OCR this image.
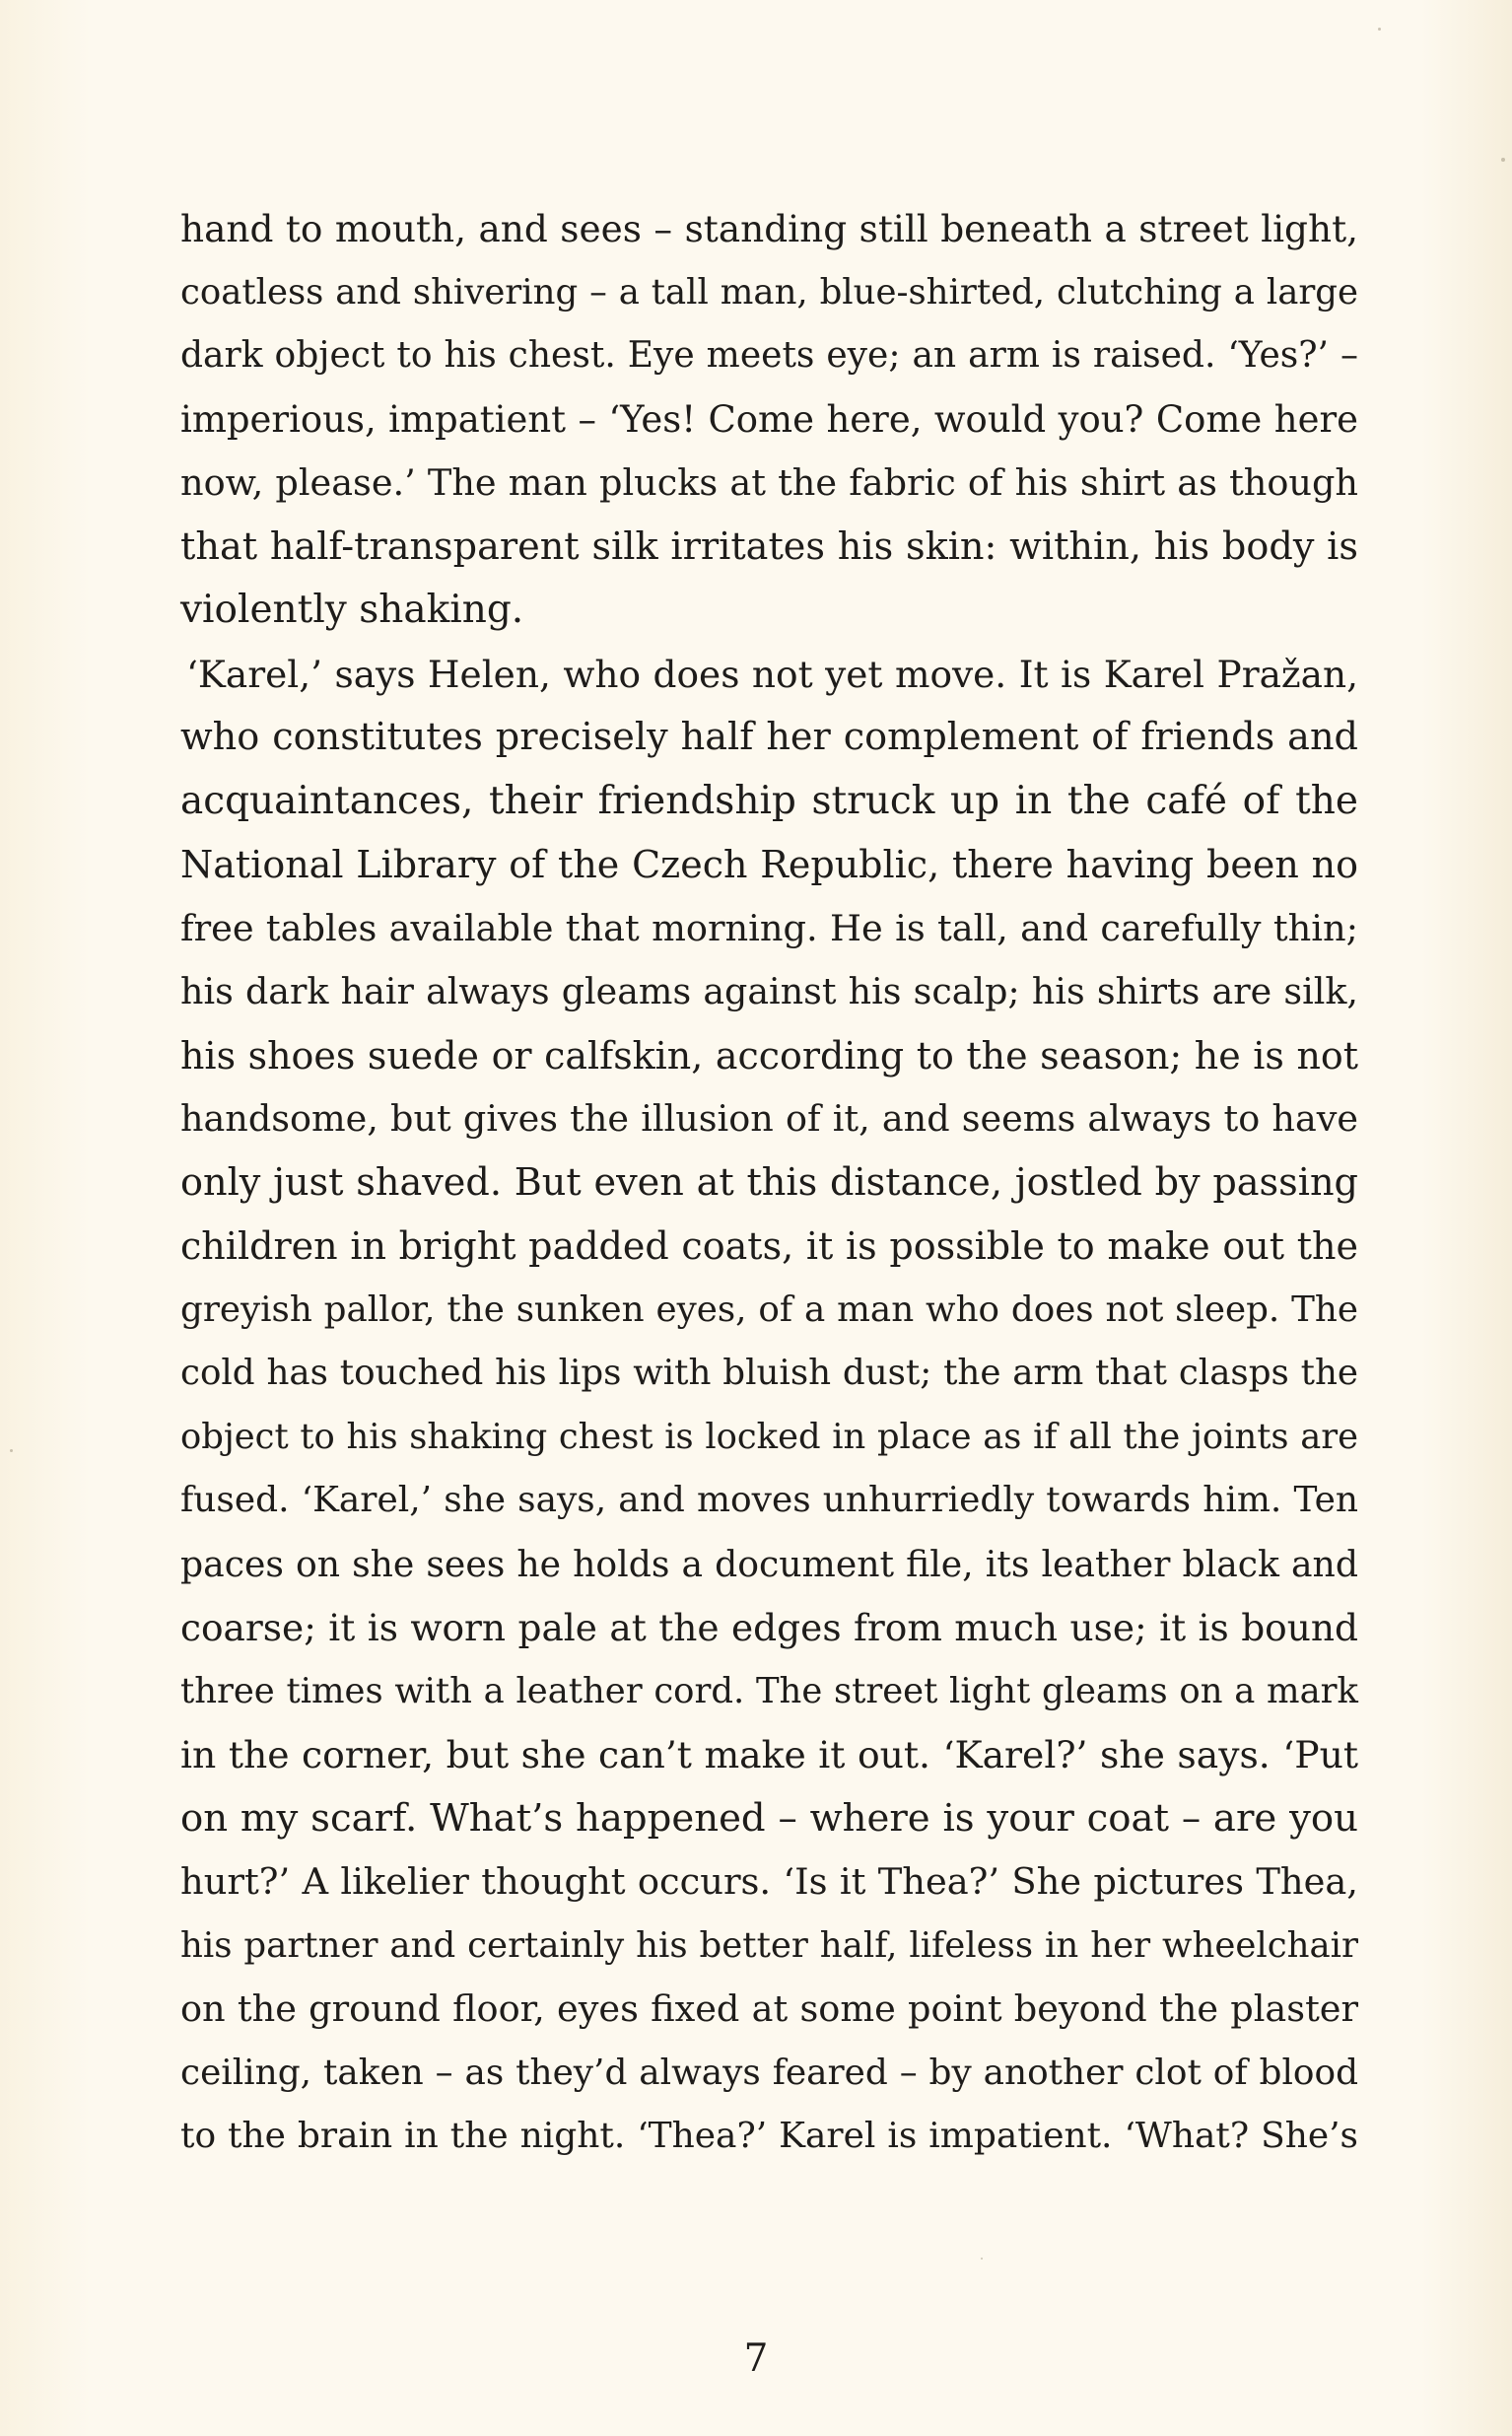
hand to mouth, and sees – standing still beneath a street light,
coatless and shivering – a tall man, blue-shirted, clutching a large
dark object to his chest. Eye meets eye; an arm is raised. ‘Yes?’ –
imperious, impatient – ‘Yes! Come here, would you? Come here
now, please.’ The man plucks at the fabric of his shirt as though
that half-transparent silk irritates his skin: within, his body is
violently shaking.
‘Karel,’ says Helen, who does not yet move. It is Karel Pražan,
who constitutes precisely half her complement of friends and
acquaintances, their friendship struck up in the café of the
National Library of the Czech Republic, there having been no
free tables available that morning. He is tall, and carefully thin;
his dark hair always gleams against his scalp; his shirts are silk,
his shoes suede or calfskin, according to the season; he is not
handsome, but gives the illusion of it, and seems always to have
only just shaved. But even at this distance, jostled by passing
children in bright padded coats, it is possible to make out the
greyish pallor, the sunken eyes, of a man who does not sleep. The
cold has touched his lips with bluish dust; the arm that clasps the
object to his shaking chest is locked in place as if all the joints are
fused. ‘Karel,’ she says, and moves unhurriedly towards him. Ten
paces on she sees he holds a document file, its leather black and
coarse; it is worn pale at the edges from much use; it is bound
three times with a leather cord. The street light gleams on a mark
in the corner, but she can’t make it out. ‘Karel?’ she says. ‘Put
on my scarf. What’s happened – where is your coat – are you
hurt?’ A likelier thought occurs. ‘Is it Thea?’ She pictures Thea,
his partner and certainly his better half, lifeless in her wheelchair
on the ground floor, eyes fixed at some point beyond the plaster
ceiling, taken – as they’d always feared – by another clot of blood
to the brain in the night. ‘Thea?’ Karel is impatient. ‘What? She’s
7
